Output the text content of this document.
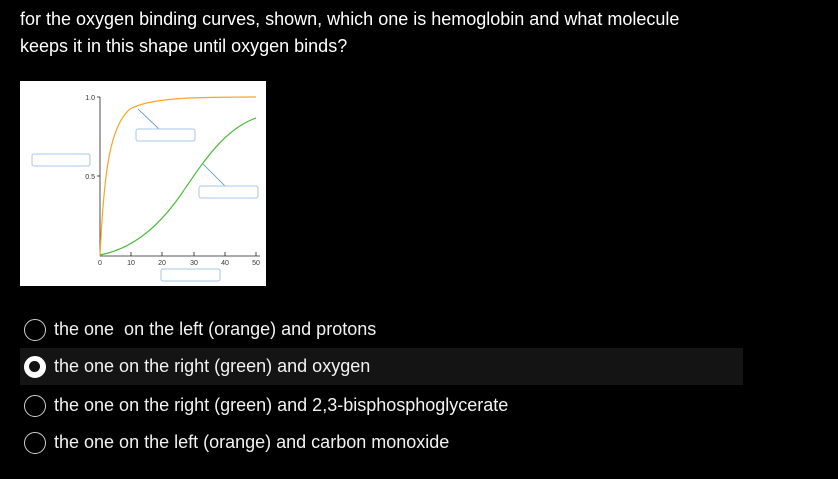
for the oxygen binding curves, shown, which one is hemoglobin and what molecule
keeps it in this shape until oxygen binds?
1.0
0.5
0	10	20	30	40	50
the one  on the left (orange) and protons
the one on the right (green) and oxygen
the one on the right (green) and 2,3-bisphosphoglycerate
the one on the left (orange) and carbon monoxide
